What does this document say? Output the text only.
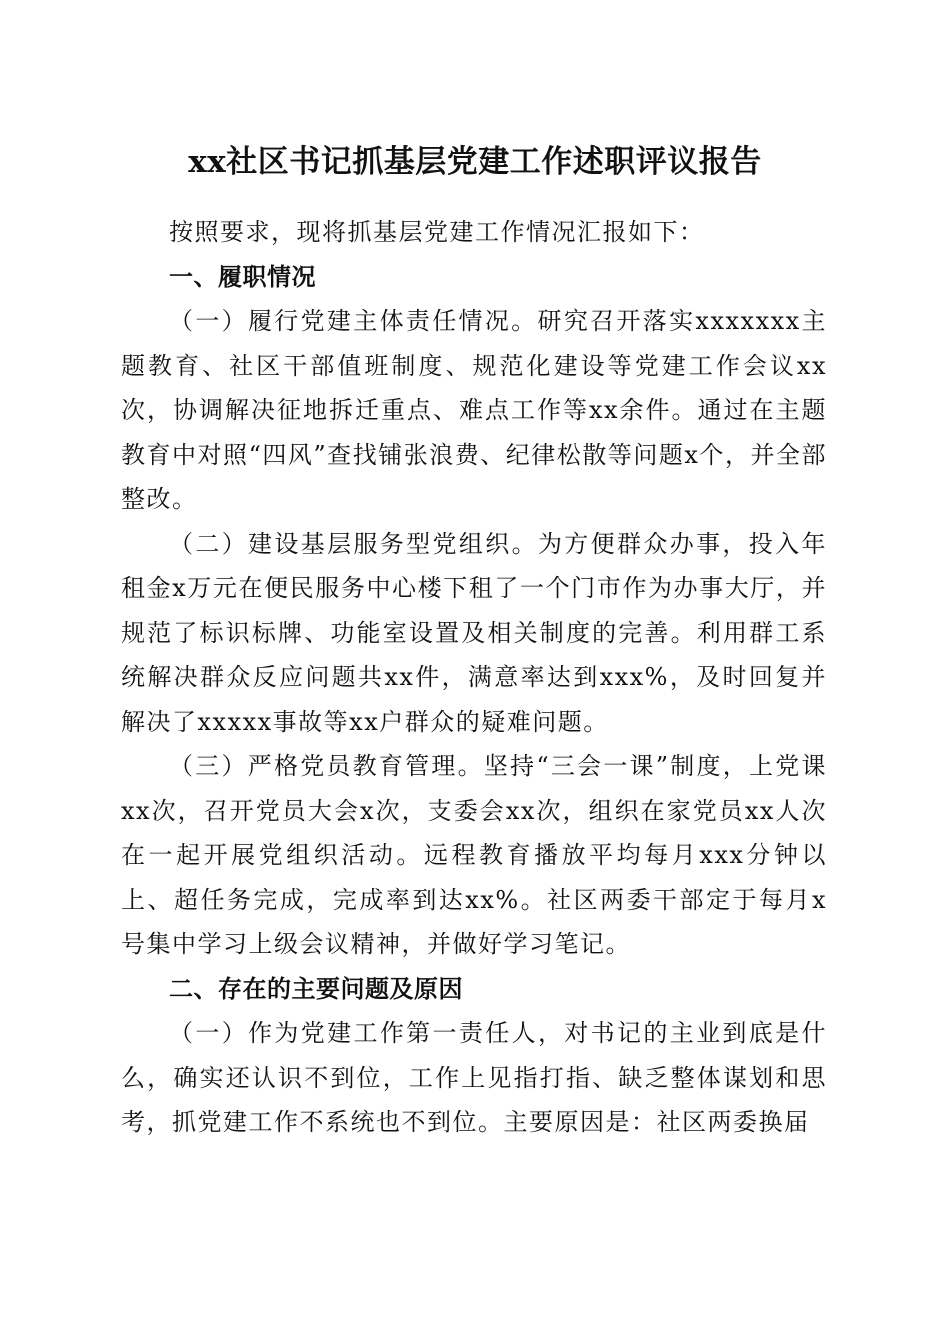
xx社区书记抓基层党建工作述职评议报告

按照要求，现将抓基层党建工作情况汇报如下：

一、履职情况

（一）履行党建主体责任情况。研究召开落实xxxxxxx主题教育、社区干部值班制度、规范化建设等党建工作会议xx次，协调解决征地拆迁重点、难点工作等xx余件。通过在主题教育中对照“四风”查找铺张浪费、纪律松散等问题x个，并全部整改。

（二）建设基层服务型党组织。为方便群众办事，投入年租金x万元在便民服务中心楼下租了一个门市作为办事大厅，并规范了标识标牌、功能室设置及相关制度的完善。利用群工系统解决群众反应问题共xx件，满意率达到xxx%，及时回复并解决了xxxxx事故等xx户群众的疑难问题。

（三）严格党员教育管理。坚持“三会一课”制度，上党课xx次，召开党员大会x次，支委会xx次，组织在家党员xx人次在一起开展党组织活动。远程教育播放平均每月xxx分钟以上、超任务完成，完成率到达xx%。社区两委干部定于每月x号集中学习上级会议精神，并做好学习笔记。

二、存在的主要问题及原因

（一）作为党建工作第一责任人，对书记的主业到底是什么，确实还认识不到位，工作上见指打指、缺乏整体谋划和思考，抓党建工作不系统也不到位。主要原因是：社区两委换届
